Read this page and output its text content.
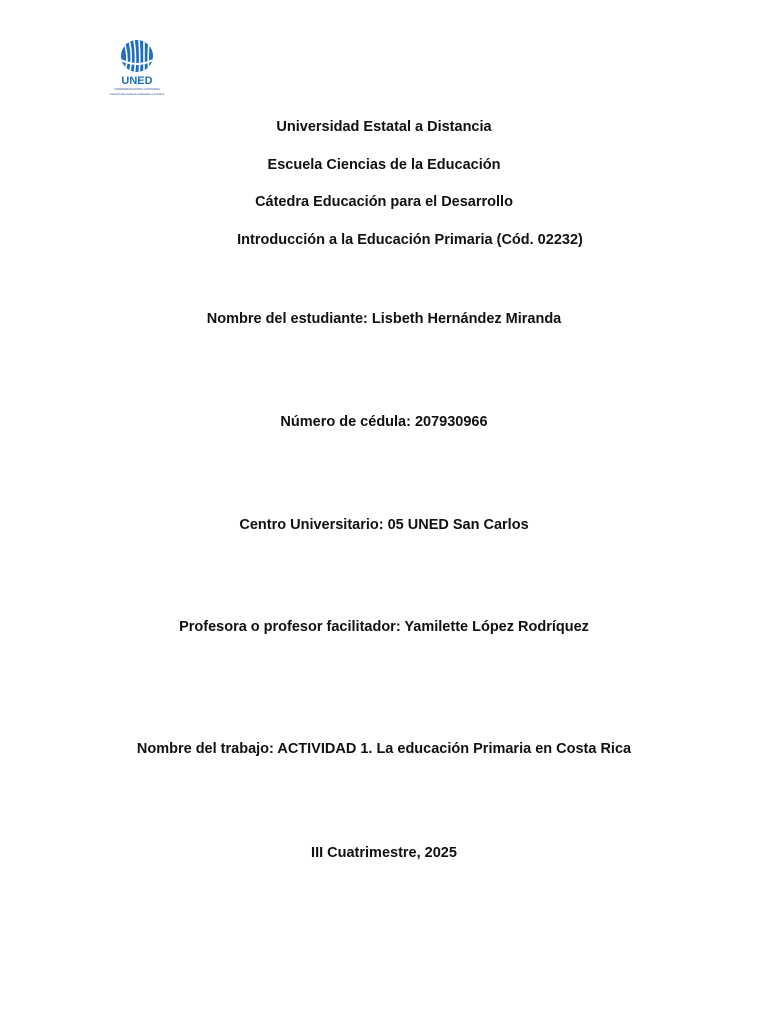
UNED
UNIVERSIDAD ESTATAL A DISTANCIA
Institución Benemérita de la Educación y la Cultura
Universidad Estatal a Distancia
Escuela Ciencias de la Educación
Cátedra Educación para el Desarrollo
Introducción a la Educación Primaria (Cód. 02232)
Nombre del estudiante: Lisbeth Hernández Miranda
Número de cédula: 207930966
Centro Universitario: 05 UNED San Carlos
Profesora o profesor facilitador: Yamilette López Rodríquez
Nombre del trabajo: ACTIVIDAD 1. La educación Primaria en Costa Rica
III Cuatrimestre, 2025
